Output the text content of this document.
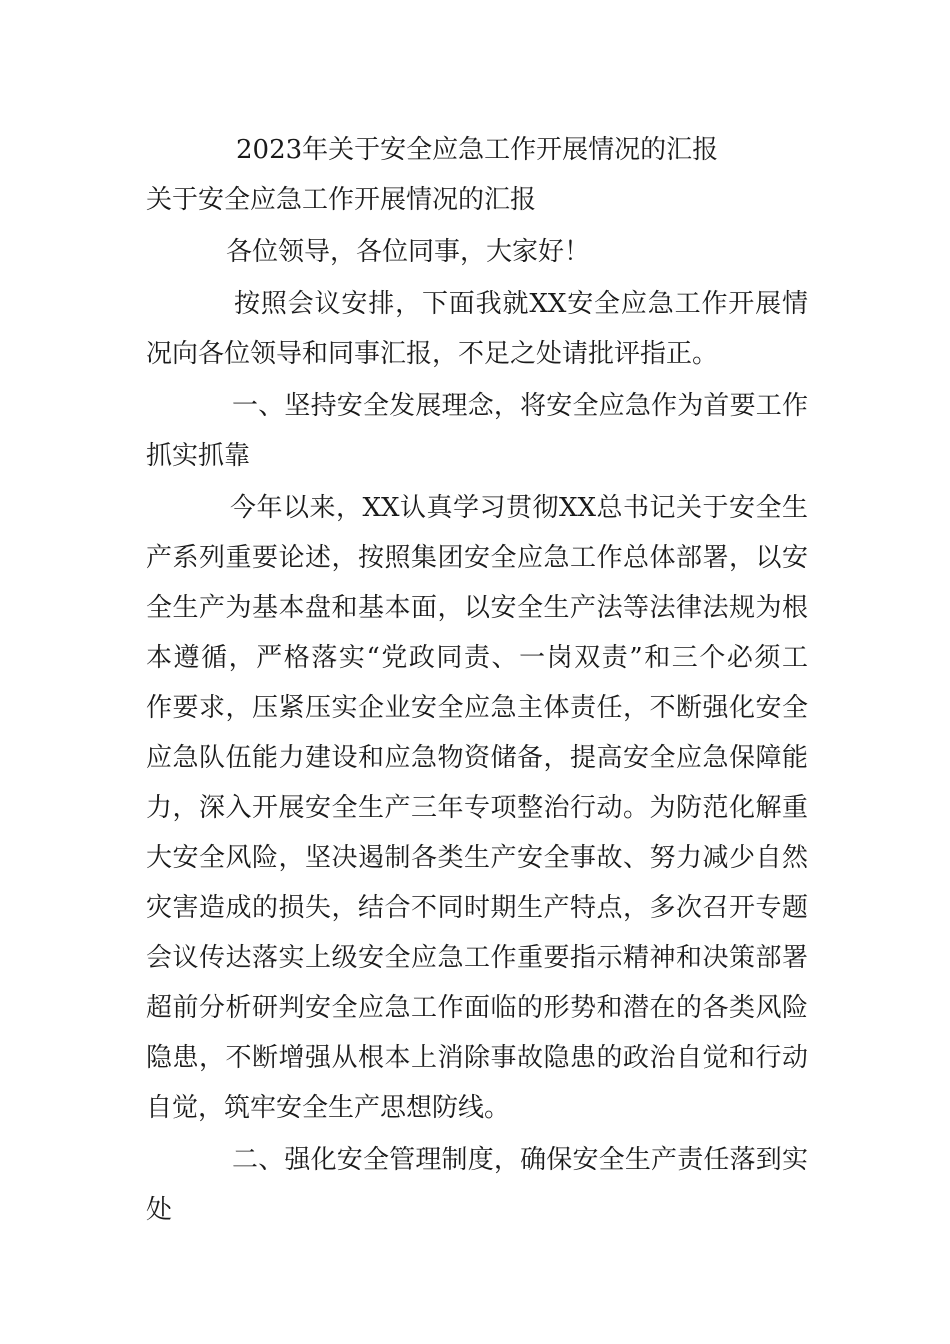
2023年关于安全应急工作开展情况的汇报
关于安全应急工作开展情况的汇报
各位领导，各位同事，大家好！
按照会议安排，下面我就XX安全应急工作开展情
况向各位领导和同事汇报，不足之处请批评指正。
一、坚持安全发展理念，将安全应急作为首要工作
抓实抓靠
今年以来，XX认真学习贯彻XX总书记关于安全生
产系列重要论述，按照集团安全应急工作总体部署，以安
全生产为基本盘和基本面，以安全生产法等法律法规为根
本遵循，严格落实“党政同责、一岗双责”和三个必须工
作要求，压紧压实企业安全应急主体责任，不断强化安全
应急队伍能力建设和应急物资储备，提高安全应急保障能
力，深入开展安全生产三年专项整治行动。为防范化解重
大安全风险，坚决遏制各类生产安全事故、努力减少自然
灾害造成的损失，结合不同时期生产特点，多次召开专题
会议传达落实上级安全应急工作重要指示精神和决策部署
超前分析研判安全应急工作面临的形势和潜在的各类风险
隐患，不断增强从根本上消除事故隐患的政治自觉和行动
自觉，筑牢安全生产思想防线。
二、强化安全管理制度，确保安全生产责任落到实
处
